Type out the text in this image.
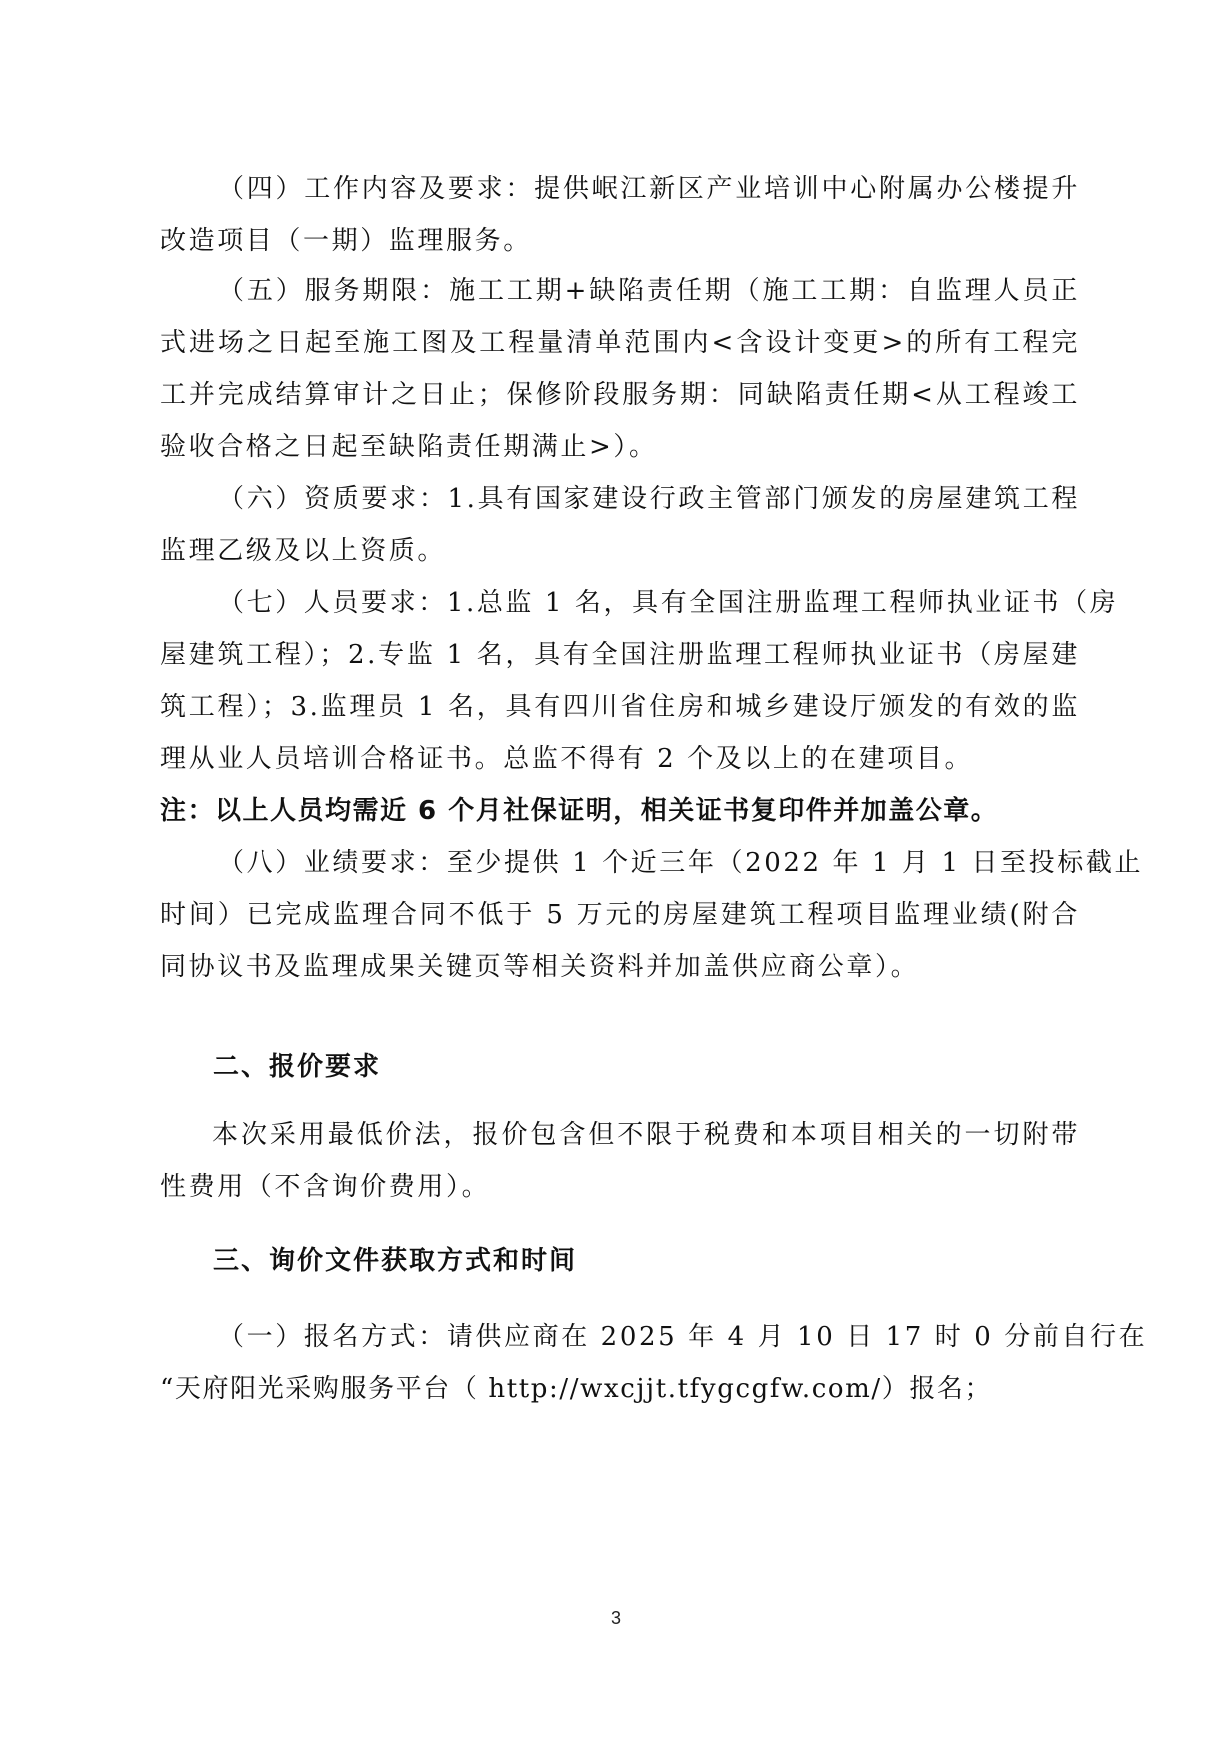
（四）工作内容及要求：提供岷江新区产业培训中心附属办公楼提升
改造项目（一期）监理服务。
（五）服务期限：施工工期+缺陷责任期（施工工期：自监理人员正
式进场之日起至施工图及工程量清单范围内<含设计变更>的所有工程完
工并完成结算审计之日止；保修阶段服务期：同缺陷责任期<从工程竣工
验收合格之日起至缺陷责任期满止>）。
（六）资质要求：1.具有国家建设行政主管部门颁发的房屋建筑工程
监理乙级及以上资质。
（七）人员要求：1.总监 1 名，具有全国注册监理工程师执业证书（房
屋建筑工程）；2.专监 1 名，具有全国注册监理工程师执业证书（房屋建
筑工程）；3.监理员 1 名，具有四川省住房和城乡建设厅颁发的有效的监
理从业人员培训合格证书。总监不得有 2 个及以上的在建项目。
注：以上人员均需近 6 个月社保证明，相关证书复印件并加盖公章。
（八）业绩要求：至少提供 1 个近三年（2022 年 1 月 1 日至投标截止
时间）已完成监理合同不低于 5 万元的房屋建筑工程项目监理业绩(附合
同协议书及监理成果关键页等相关资料并加盖供应商公章）。
二、报价要求
本次采用最低价法，报价包含但不限于税费和本项目相关的一切附带
性费用（不含询价费用）。
三、询价文件获取方式和时间
（一）报名方式：请供应商在 2025 年 4 月 10 日 17 时 0 分前自行在
“天府阳光采购服务平台（ http://wxcjjt.tfygcgfw.com/）报名；
3
